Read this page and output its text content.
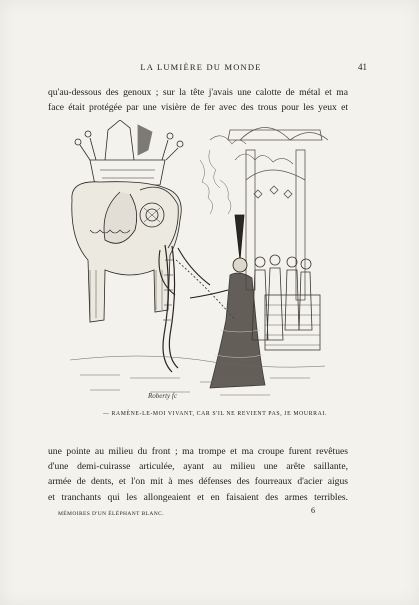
LA LUMIÈRE DU MONDE	41
qu'au-dessous des genoux ; sur la tête j'avais une calotte de métal et ma
face était protégée par une visière de fer avec des trous pour les yeux et
Roberty fc
— RAMÈNE-LE-MOI VIVANT, CAR S'IL NE REVIENT PAS, JE MOURRAI.
une pointe au milieu du front ; ma trompe et ma croupe furent revêtues
d'une demi-cuirasse articulée, ayant au milieu une arête saillante,
armée de dents, et l'on mit à mes défenses des fourreaux d'acier aigus
et tranchants qui les allongeaient et en faisaient des armes terribles.
MÉMOIRES D'UN ÉLÉPHANT BLANC.	6
